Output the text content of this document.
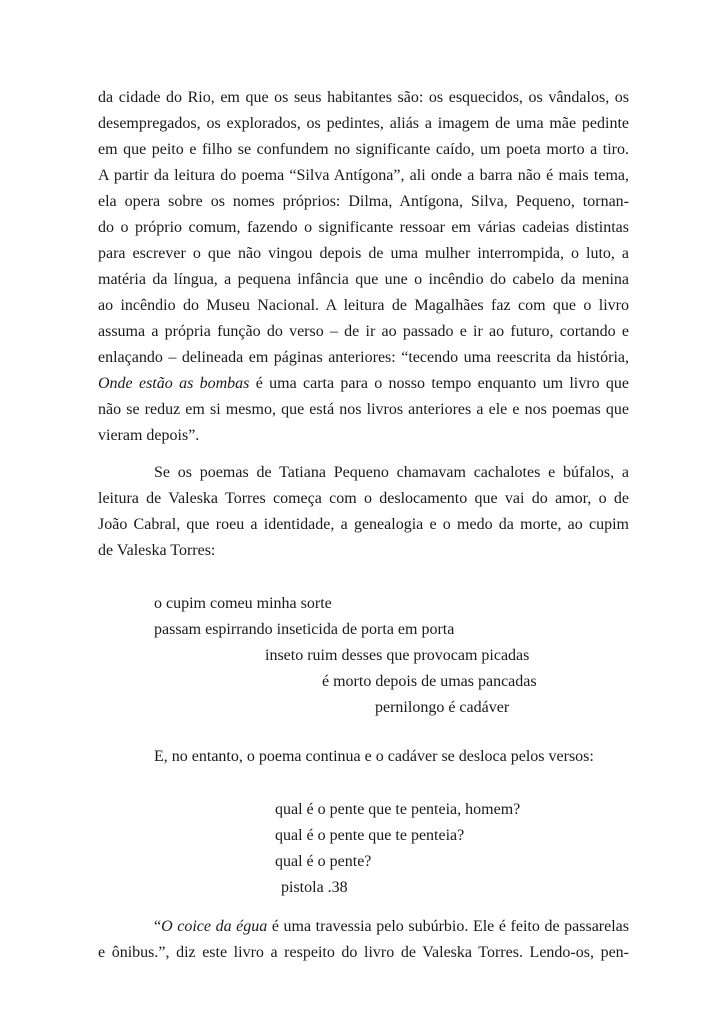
da cidade do Rio, em que os seus habitantes são: os esquecidos, os vândalos, os
desempregados, os explorados, os pedintes, aliás a imagem de uma mãe pedinte
em que peito e filho se confundem no significante caído, um poeta morto a tiro.
A partir da leitura do poema “Silva Antígona”, ali onde a barra não é mais tema,
ela opera sobre os nomes próprios: Dilma, Antígona, Silva, Pequeno, tornan-
do o próprio comum, fazendo o significante ressoar em várias cadeias distintas
para escrever o que não vingou depois de uma mulher interrompida, o luto, a
matéria da língua, a pequena infância que une o incêndio do cabelo da menina
ao incêndio do Museu Nacional. A leitura de Magalhães faz com que o livro
assuma a própria função do verso – de ir ao passado e ir ao futuro, cortando e
enlaçando – delineada em páginas anteriores: “tecendo uma reescrita da história,
Onde estão as bombas é uma carta para o nosso tempo enquanto um livro que
não se reduz em si mesmo, que está nos livros anteriores a ele e nos poemas que
vieram depois”.
Se os poemas de Tatiana Pequeno chamavam cachalotes e búfalos, a
leitura de Valeska Torres começa com o deslocamento que vai do amor, o de
João Cabral, que roeu a identidade, a genealogia e o medo da morte, ao cupim
de Valeska Torres:
o cupim comeu minha sorte
passam espirrando inseticida de porta em porta
inseto ruim desses que provocam picadas
é morto depois de umas pancadas
pernilongo é cadáver
E, no entanto, o poema continua e o cadáver se desloca pelos versos:
qual é o pente que te penteia, homem?
qual é o pente que te penteia?
qual é o pente?
pistola .38
“O coice da égua é uma travessia pelo subúrbio. Ele é feito de passarelas
e ônibus.”, diz este livro a respeito do livro de Valeska Torres. Lendo-os, pen-
